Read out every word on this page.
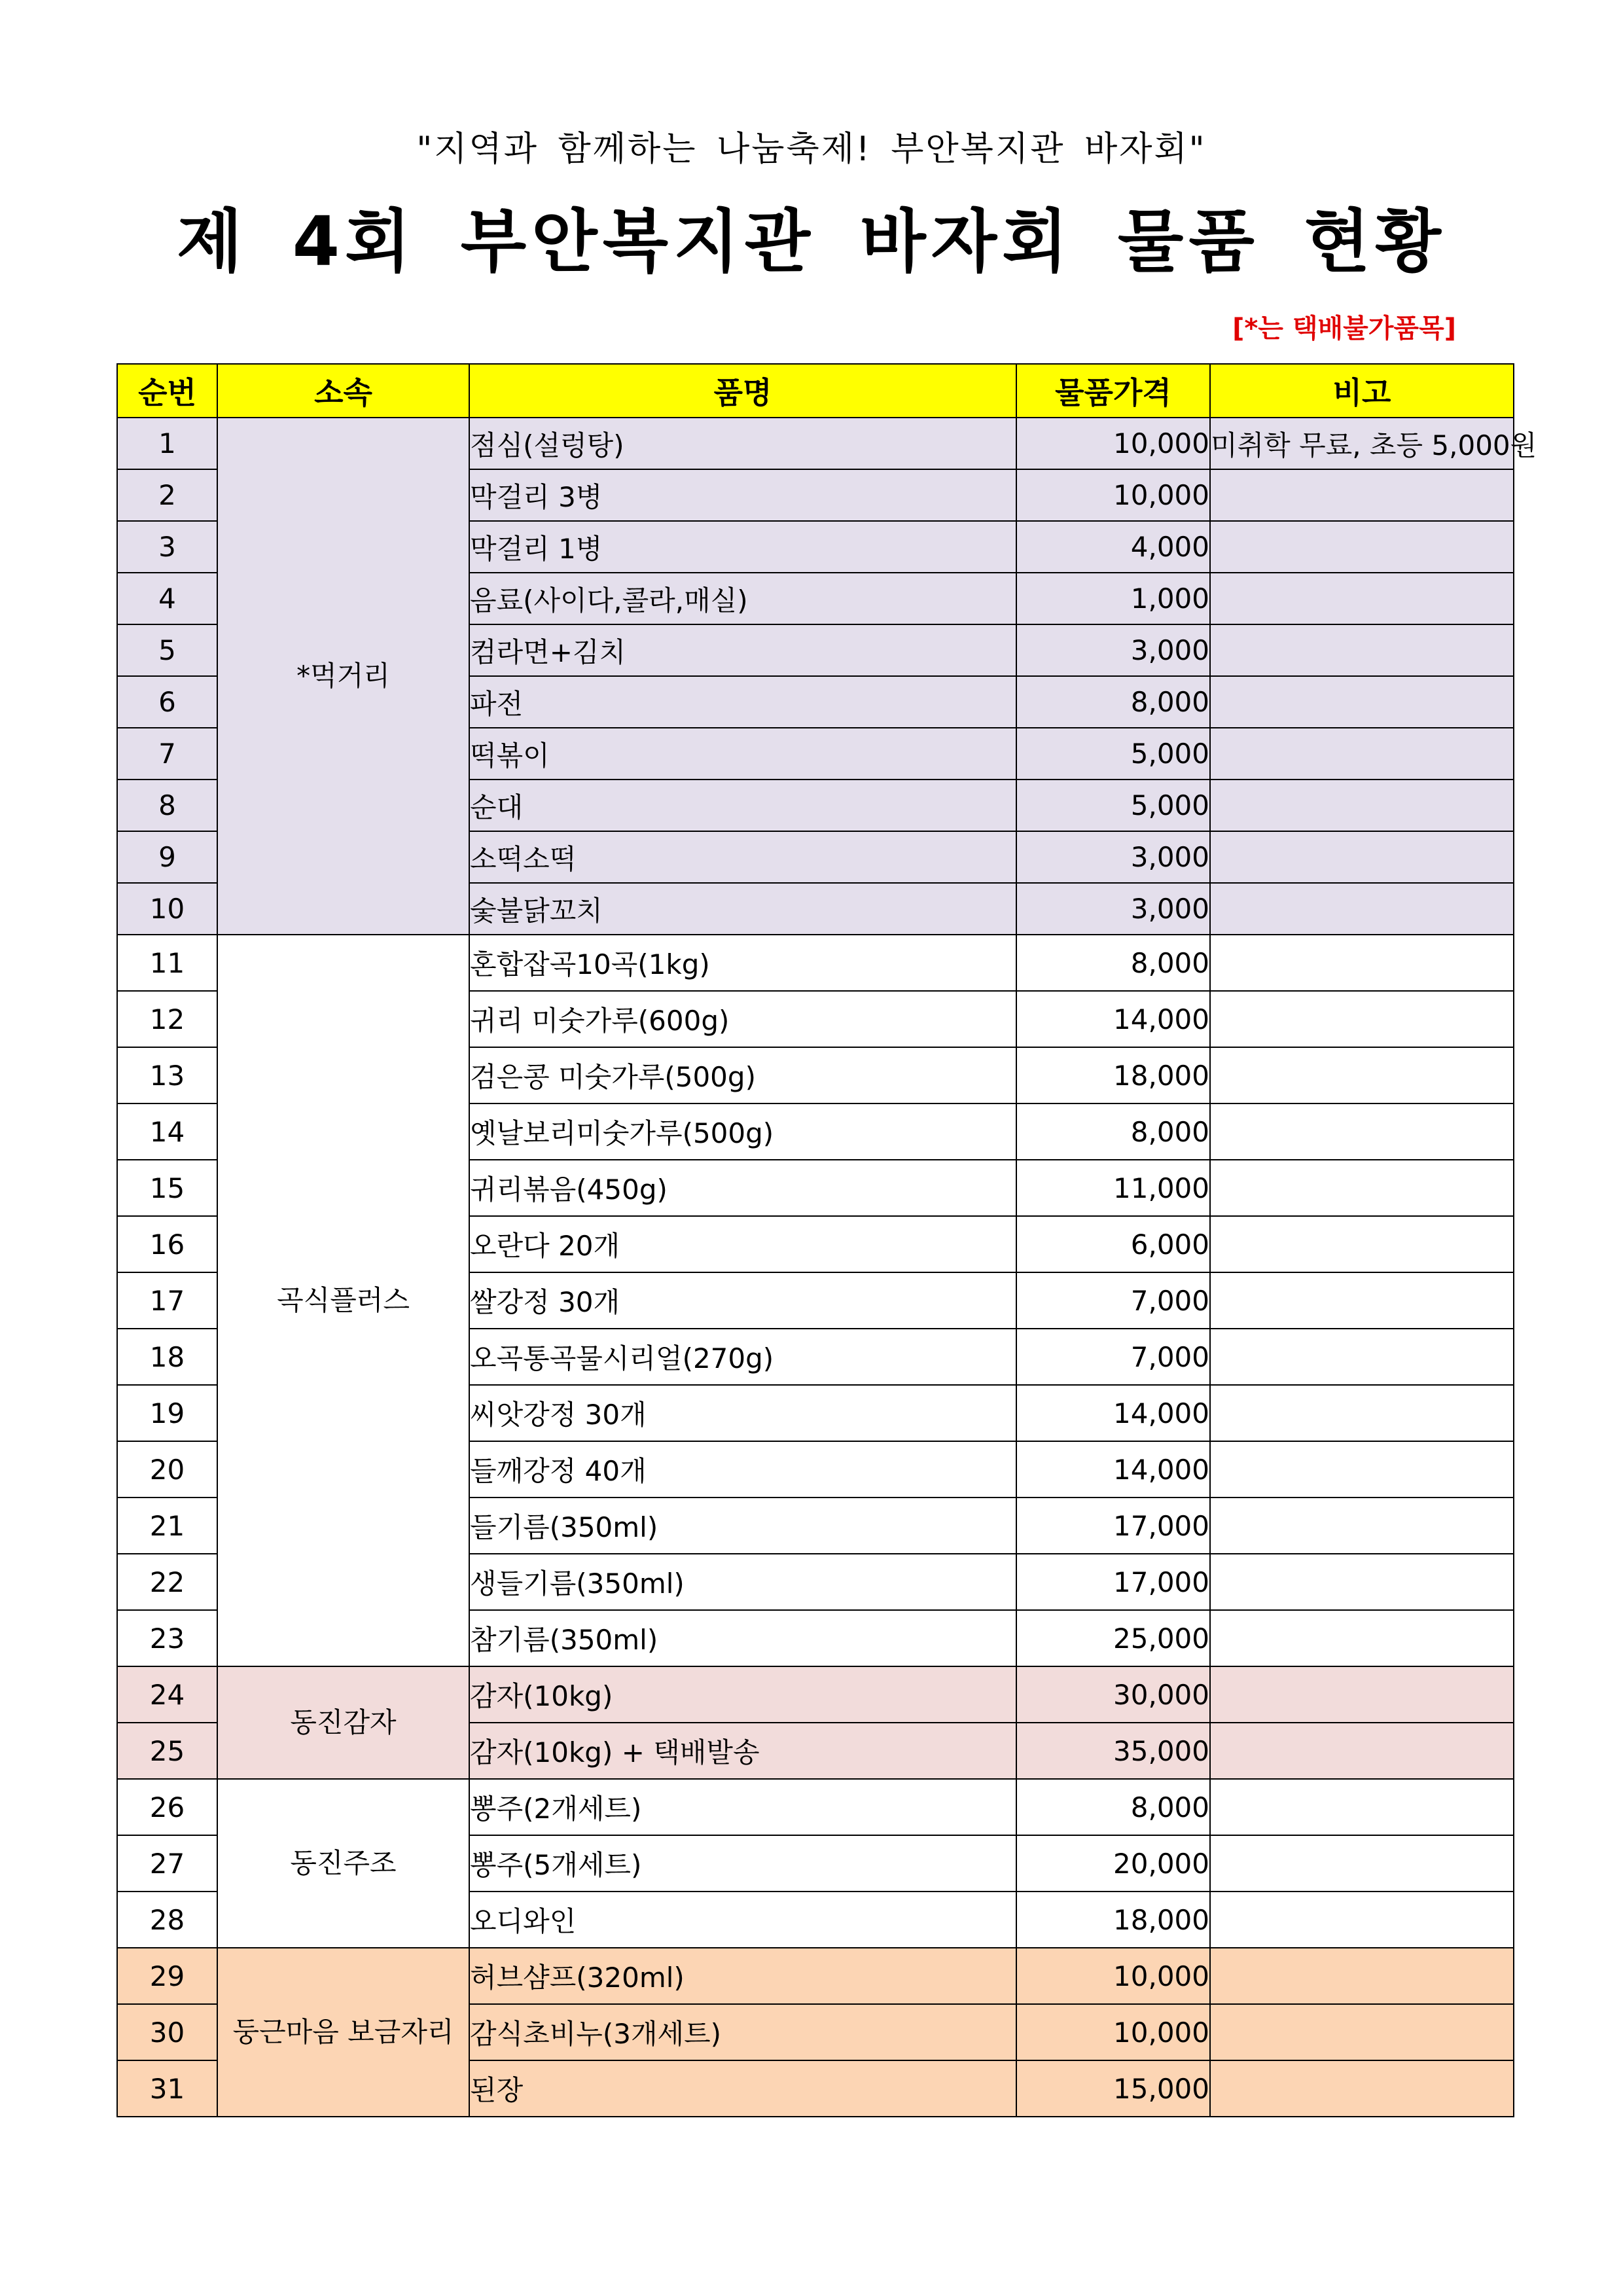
"지역과 함께하는 나눔축제! 부안복지관 바자회"
제 4회 부안복지관 바자회 물품 현황
[*는 택배불가품목]
순번	소속	품명	물품가격	비고
1	*먹거리	점심(설렁탕)	10,000	미취학 무료, 초등 5,000원
2		막걸리 3병	10,000	
3		막걸리 1병	4,000	
4		음료(사이다,콜라,매실)	1,000	
5		컴라면+김치	3,000	
6		파전	8,000	
7		떡볶이	5,000	
8		순대	5,000	
9		소떡소떡	3,000	
10		숯불닭꼬치	3,000	
11	곡식플러스	혼합잡곡10곡(1kg)	8,000	
12		귀리 미숫가루(600g)	14,000	
13		검은콩 미숫가루(500g)	18,000	
14		옛날보리미숫가루(500g)	8,000	
15		귀리볶음(450g)	11,000	
16		오란다 20개	6,000	
17		쌀강정 30개	7,000	
18		오곡통곡물시리얼(270g)	7,000	
19		씨앗강정 30개	14,000	
20		들깨강정 40개	14,000	
21		들기름(350ml)	17,000	
22		생들기름(350ml)	17,000	
23		참기름(350ml)	25,000	
24	동진감자	감자(10kg)	30,000	
25		감자(10kg) + 택배발송	35,000	
26	동진주조	뽕주(2개세트)	8,000	
27		뽕주(5개세트)	20,000	
28		오디와인	18,000	
29	둥근마음 보금자리	허브샴프(320ml)	10,000	
30		감식초비누(3개세트)	10,000	
31		된장	15,000	
